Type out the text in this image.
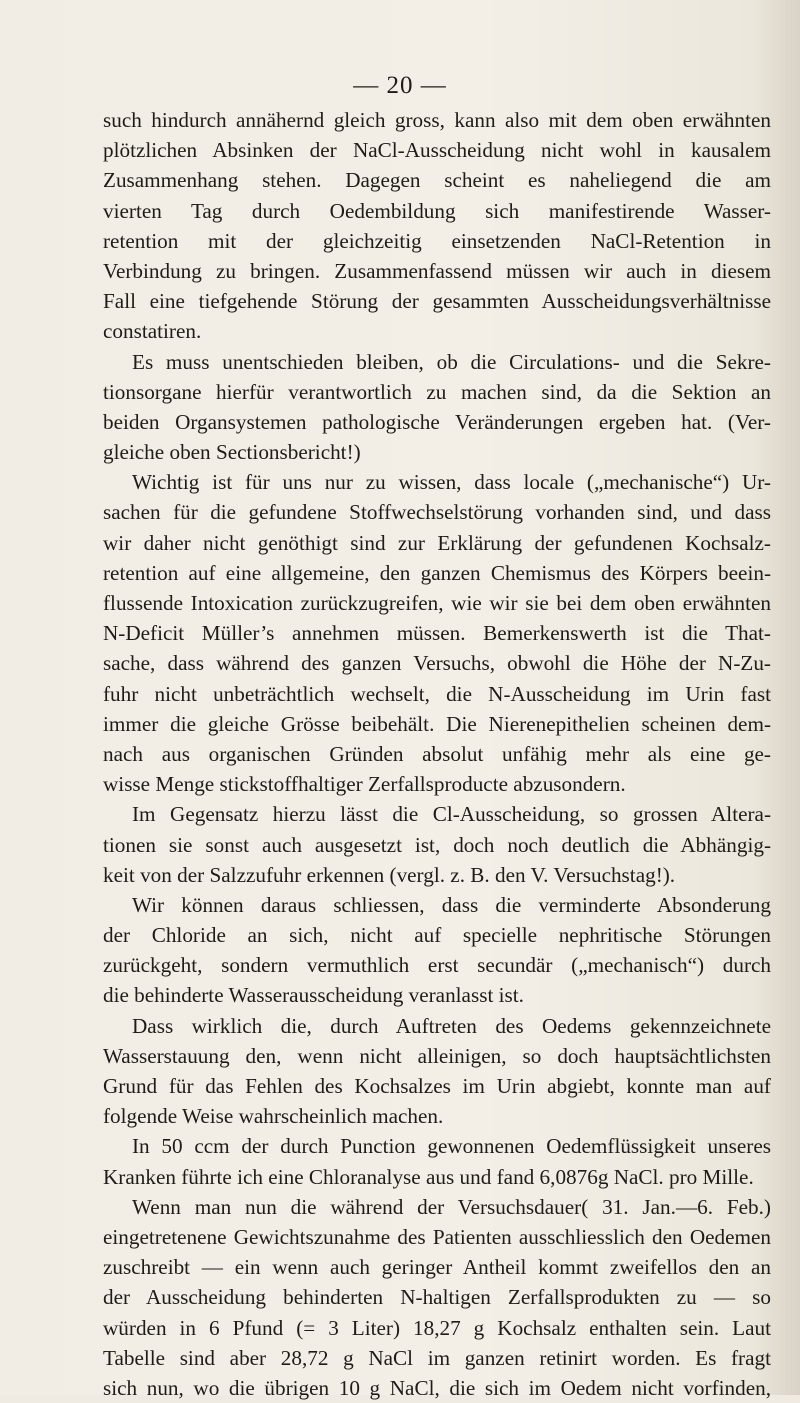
— 20 —
such hindurch annähernd gleich gross, kann also mit dem oben erwähnten
plötzlichen Absinken der NaCl-Ausscheidung nicht wohl in kausalem
Zusammenhang stehen. Dagegen scheint es naheliegend die am
vierten Tag durch Oedembildung sich manifestirende Wasser-
retention mit der gleichzeitig einsetzenden NaCl-Retention in
Verbindung zu bringen. Zusammenfassend müssen wir auch in diesem
Fall eine tiefgehende Störung der gesammten Ausscheidungsverhältnisse
constatiren.
Es muss unentschieden bleiben, ob die Circulations- und die Sekre-
tionsorgane hierfür verantwortlich zu machen sind, da die Sektion an
beiden Organsystemen pathologische Veränderungen ergeben hat. (Ver-
gleiche oben Sectionsbericht!)
Wichtig ist für uns nur zu wissen, dass locale („mechanische“) Ur-
sachen für die gefundene Stoffwechselstörung vorhanden sind, und dass
wir daher nicht genöthigt sind zur Erklärung der gefundenen Kochsalz-
retention auf eine allgemeine, den ganzen Chemismus des Körpers beein-
flussende Intoxication zurückzugreifen, wie wir sie bei dem oben erwähnten
N-Deficit Müller’s annehmen müssen. Bemerkenswerth ist die That-
sache, dass während des ganzen Versuchs, obwohl die Höhe der N-Zu-
fuhr nicht unbeträchtlich wechselt, die N-Ausscheidung im Urin fast
immer die gleiche Grösse beibehält. Die Nierenepithelien scheinen dem-
nach aus organischen Gründen absolut unfähig mehr als eine ge-
wisse Menge stickstoffhaltiger Zerfallsproducte abzusondern.
Im Gegensatz hierzu lässt die Cl-Ausscheidung, so grossen Altera-
tionen sie sonst auch ausgesetzt ist, doch noch deutlich die Abhängig-
keit von der Salzzufuhr erkennen (vergl. z. B. den V. Versuchstag!).
Wir können daraus schliessen, dass die verminderte Absonderung
der Chloride an sich, nicht auf specielle nephritische Störungen
zurückgeht, sondern vermuthlich erst secundär („mechanisch“) durch
die behinderte Wasserausscheidung veranlasst ist.
Dass wirklich die, durch Auftreten des Oedems gekennzeichnete
Wasserstauung den, wenn nicht alleinigen, so doch hauptsächtlichsten
Grund für das Fehlen des Kochsalzes im Urin abgiebt, konnte man auf
folgende Weise wahrscheinlich machen.
In 50 ccm der durch Punction gewonnenen Oedemflüssigkeit unseres
Kranken führte ich eine Chloranalyse aus und fand 6,0876g NaCl. pro Mille.
Wenn man nun die während der Versuchsdauer( 31. Jan.—6. Feb.)
eingetretenene Gewichtszunahme des Patienten ausschliesslich den Oedemen
zuschreibt — ein wenn auch geringer Antheil kommt zweifellos den an
der Ausscheidung behinderten N-haltigen Zerfallsprodukten zu — so
würden in 6 Pfund (= 3 Liter) 18,27 g Kochsalz enthalten sein. Laut
Tabelle sind aber 28,72 g NaCl im ganzen retinirt worden. Es fragt
sich nun, wo die übrigen 10 g NaCl, die sich im Oedem nicht vorfinden,
